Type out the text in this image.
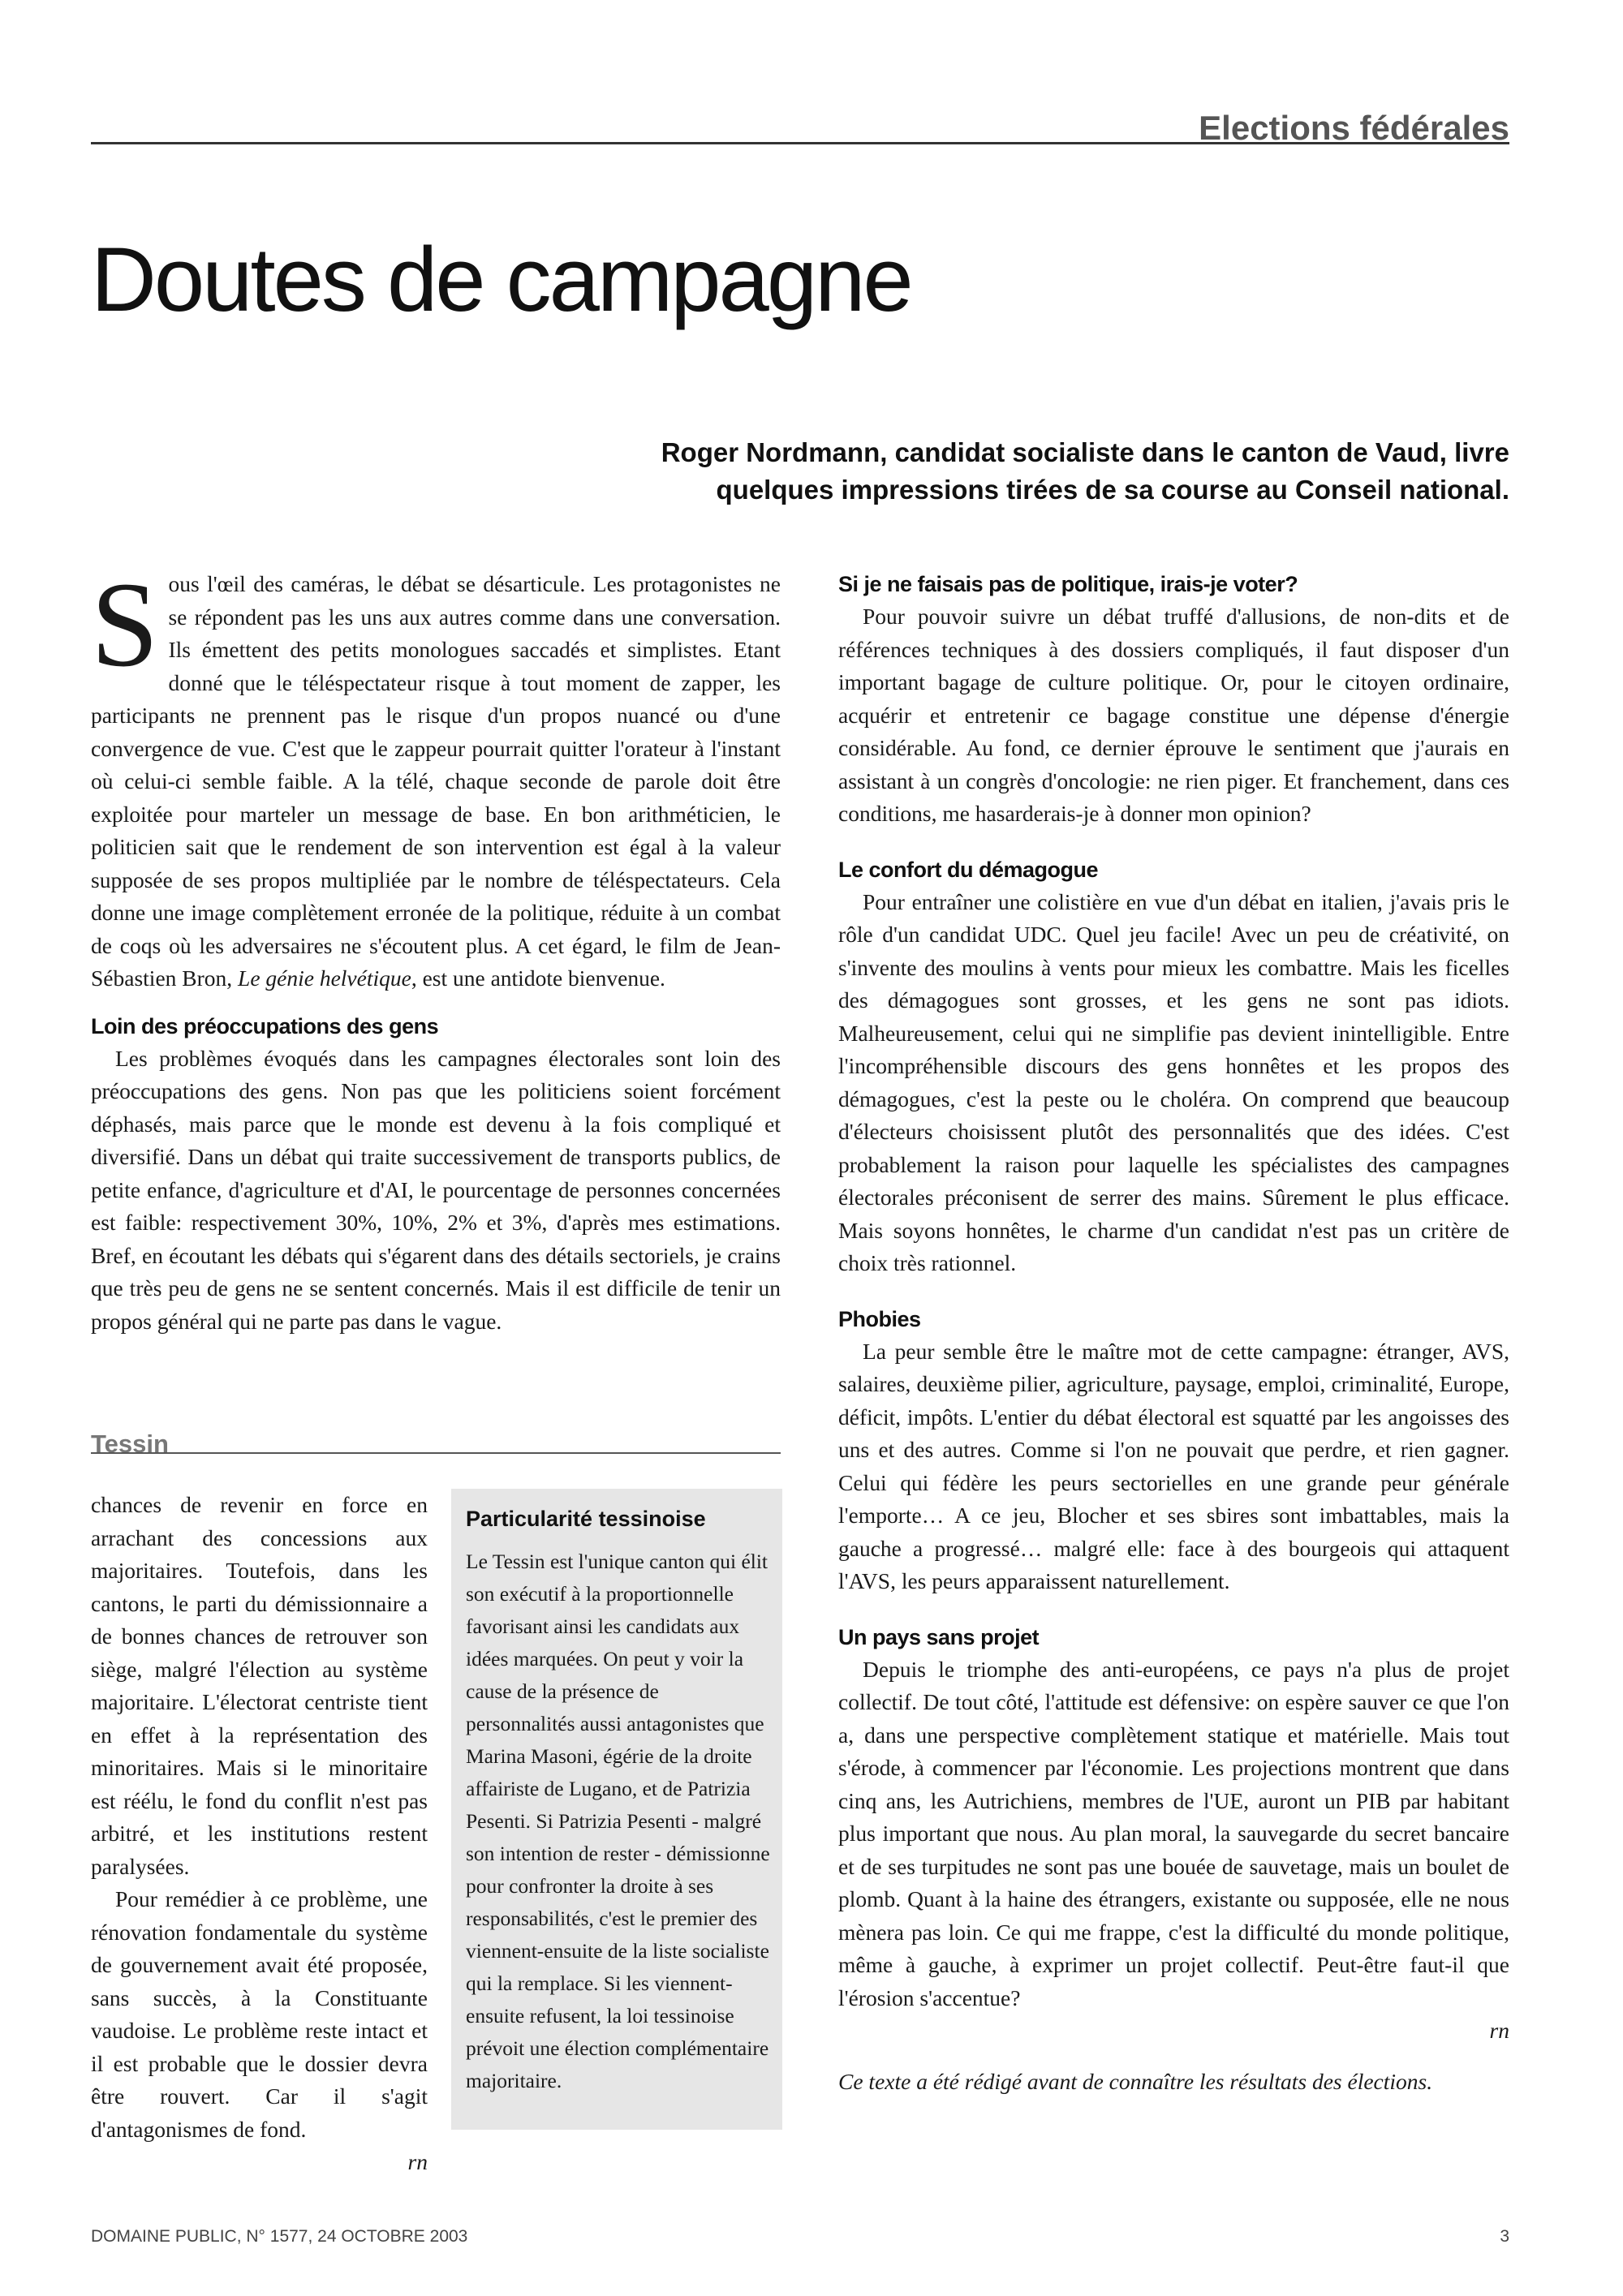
Elections fédérales
Doutes de campagne
Roger Nordmann, candidat socialiste dans le canton de Vaud, livre
quelques impressions tirées de sa course au Conseil national.

Sous l'œil des caméras, le débat se désarticule. Les protagonistes ne se répondent pas les uns aux autres comme dans une conversation. Ils émettent des petits monologues saccadés et simplistes. Etant donné que le téléspectateur risque à tout moment de zapper, les participants ne prennent pas le risque d'un propos nuancé ou d'une convergence de vue. C'est que le zappeur pourrait quitter l'orateur à l'instant où celui-ci semble faible. A la télé, chaque seconde de parole doit être exploitée pour marteler un message de base. En bon arithméticien, le politicien sait que le rendement de son intervention est égal à la valeur supposée de ses propos multipliée par le nombre de téléspectateurs. Cela donne une image complètement erronée de la politique, réduite à un combat de coqs où les adversaires ne s'écoutent plus. A cet égard, le film de Jean-Sébastien Bron, Le génie helvétique, est une antidote bienvenue.

Loin des préoccupations des gens

Les problèmes évoqués dans les campagnes électorales sont loin des préoccupations des gens. Non pas que les politiciens soient forcément déphasés, mais parce que le monde est devenu à la fois compliqué et diversifié. Dans un débat qui traite successivement de transports publics, de petite enfance, d'agriculture et d'AI, le pourcentage de personnes concernées est faible: respectivement 30%, 10%, 2% et 3%, d'après mes estimations. Bref, en écoutant les débats qui s'égarent dans des détails sectoriels, je crains que très peu de gens ne se sentent concernés. Mais il est difficile de tenir un propos général qui ne parte pas dans le vague.

Tessin

chances de revenir en force en arrachant des concessions aux majoritaires. Toutefois, dans les cantons, le parti du démissionnaire a de bonnes chances de retrouver son siège, malgré l'élection au système majoritaire. L'électorat centriste tient en effet à la représentation des minoritaires. Mais si le minoritaire est réélu, le fond du conflit n'est pas arbitré, et les institutions restent paralysées.

Pour remédier à ce problème, une rénovation fondamentale du système de gouvernement avait été proposée, sans succès, à la Constituante vaudoise. Le problème reste intact et il est probable que le dossier devra être rouvert. Car il s'agit d'antagonismes de fond.

rn
Particularité tessinoise

Le Tessin est l'unique canton qui élit son exécutif à la proportionnelle favorisant ainsi les candidats aux idées marquées. On peut y voir la cause de la présence de personnalités aussi antagonistes que Marina Masoni, égérie de la droite affairiste de Lugano, et de Patrizia Pesenti. Si Patrizia Pesenti - malgré son intention de rester - démissionne pour confronter la droite à ses responsabilités, c'est le premier des viennent-ensuite de la liste socialiste qui la remplace. Si les viennent-ensuite refusent, la loi tessinoise prévoit une élection complémentaire majoritaire.

Si je ne faisais pas de politique, irais-je voter?

Pour pouvoir suivre un débat truffé d'allusions, de non-dits et de références techniques à des dossiers compliqués, il faut disposer d'un important bagage de culture politique. Or, pour le citoyen ordinaire, acquérir et entretenir ce bagage constitue une dépense d'énergie considérable. Au fond, ce dernier éprouve le sentiment que j'aurais en assistant à un congrès d'oncologie: ne rien piger. Et franchement, dans ces conditions, me hasarderais-je à donner mon opinion?

Le confort du démagogue

Pour entraîner une colistière en vue d'un débat en italien, j'avais pris le rôle d'un candidat UDC. Quel jeu facile! Avec un peu de créativité, on s'invente des moulins à vents pour mieux les combattre. Mais les ficelles des démagogues sont grosses, et les gens ne sont pas idiots. Malheureusement, celui qui ne simplifie pas devient inintelligible. Entre l'incompréhensible discours des gens honnêtes et les propos des démagogues, c'est la peste ou le choléra. On comprend que beaucoup d'électeurs choisissent plutôt des personnalités que des idées. C'est probablement la raison pour laquelle les spécialistes des campagnes électorales préconisent de serrer des mains. Sûrement le plus efficace. Mais soyons honnêtes, le charme d'un candidat n'est pas un critère de choix très rationnel.

Phobies

La peur semble être le maître mot de cette campagne: étranger, AVS, salaires, deuxième pilier, agriculture, paysage, emploi, criminalité, Europe, déficit, impôts. L'entier du débat électoral est squatté par les angoisses des uns et des autres. Comme si l'on ne pouvait que perdre, et rien gagner. Celui qui fédère les peurs sectorielles en une grande peur générale l'emporte… A ce jeu, Blocher et ses sbires sont imbattables, mais la gauche a progressé… malgré elle: face à des bourgeois qui attaquent l'AVS, les peurs apparaissent naturellement.

Un pays sans projet

Depuis le triomphe des anti-européens, ce pays n'a plus de projet collectif. De tout côté, l'attitude est défensive: on espère sauver ce que l'on a, dans une perspective complètement statique et matérielle. Mais tout s'érode, à commencer par l'économie. Les projections montrent que dans cinq ans, les Autrichiens, membres de l'UE, auront un PIB par habitant plus important que nous. Au plan moral, la sauvegarde du secret bancaire et de ses turpitudes ne sont pas une bouée de sauvetage, mais un boulet de plomb. Quant à la haine des étrangers, existante ou supposée, elle ne nous mènera pas loin. Ce qui me frappe, c'est la difficulté du monde politique, même à gauche, à exprimer un projet collectif. Peut-être faut-il que l'érosion s'accentue?

rn

Ce texte a été rédigé avant de connaître les résultats des élections.

DOMAINE PUBLIC, N° 1577, 24 OCTOBRE 2003	3
